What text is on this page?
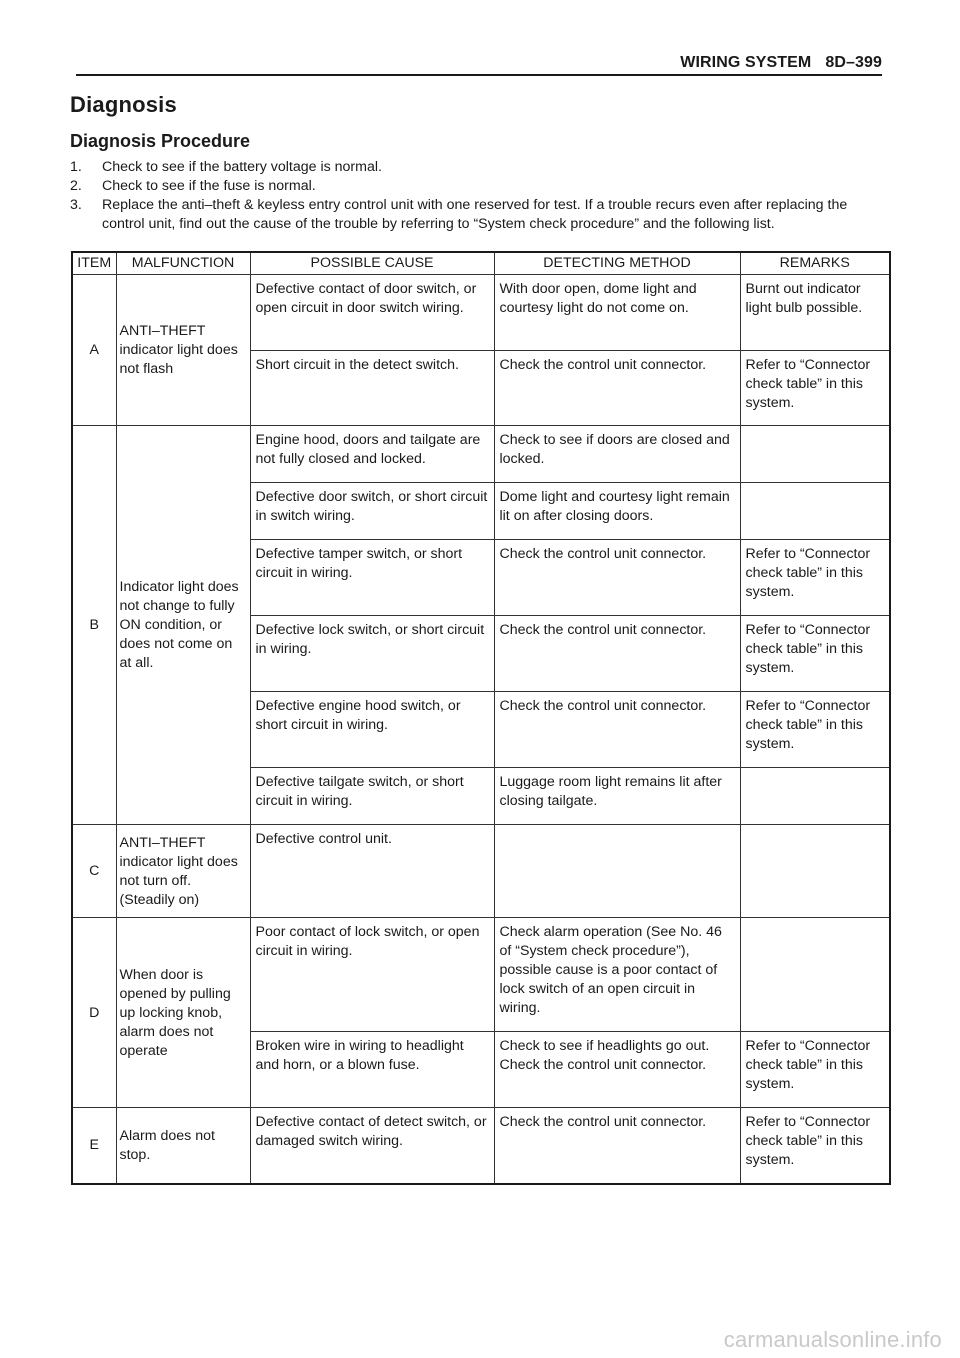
WIRING SYSTEM 8D–399
Diagnosis
Diagnosis Procedure
1.	Check to see if the battery voltage is normal.
2.	Check to see if the fuse is normal.
3.	Replace the anti–theft & keyless entry control unit with one reserved for test. If a trouble recurs even after replacing the control unit, find out the cause of the trouble by referring to “System check procedure” and the following list.
ITEM	MALFUNCTION	POSSIBLE CAUSE	DETECTING METHOD	REMARKS
A	ANTI–THEFT indicator light does not flash	Defective contact of door switch, or open circuit in door switch wiring.	With door open, dome light and courtesy light do not come on.	Burnt out indicator light bulb possible.
		Short circuit in the detect switch.	Check the control unit connector.	Refer to “Connector check table” in this system.
B	Indicator light does not change to fully ON condition, or does not come on at all.	Engine hood, doors and tailgate are not fully closed and locked.	Check to see if doors are closed and locked.	
		Defective door switch, or short circuit in switch wiring.	Dome light and courtesy light remain lit on after closing doors.	
		Defective tamper switch, or short circuit in wiring.	Check the control unit connector.	Refer to “Connector check table” in this system.
		Defective lock switch, or short circuit in wiring.	Check the control unit connector.	Refer to “Connector check table” in this system.
		Defective engine hood switch, or short circuit in wiring.	Check the control unit connector.	Refer to “Connector check table” in this system.
		Defective tailgate switch, or short circuit in wiring.	Luggage room light remains lit after closing tailgate.	
C	ANTI–THEFT indicator light does not turn off. (Steadily on)	Defective control unit.		
D	When door is opened by pulling up locking knob, alarm does not operate	Poor contact of lock switch, or open circuit in wiring.	Check alarm operation (See No. 46 of “System check procedure”), possible cause is a poor contact of lock switch of an open circuit in wiring.	
		Broken wire in wiring to headlight and horn, or a blown fuse.	Check to see if headlights go out. Check the control unit connector.	Refer to “Connector check table” in this system.
E	Alarm does not stop.	Defective contact of detect switch, or damaged switch wiring.	Check the control unit connector.	Refer to “Connector check table” in this system.
carmanualsonline.info
